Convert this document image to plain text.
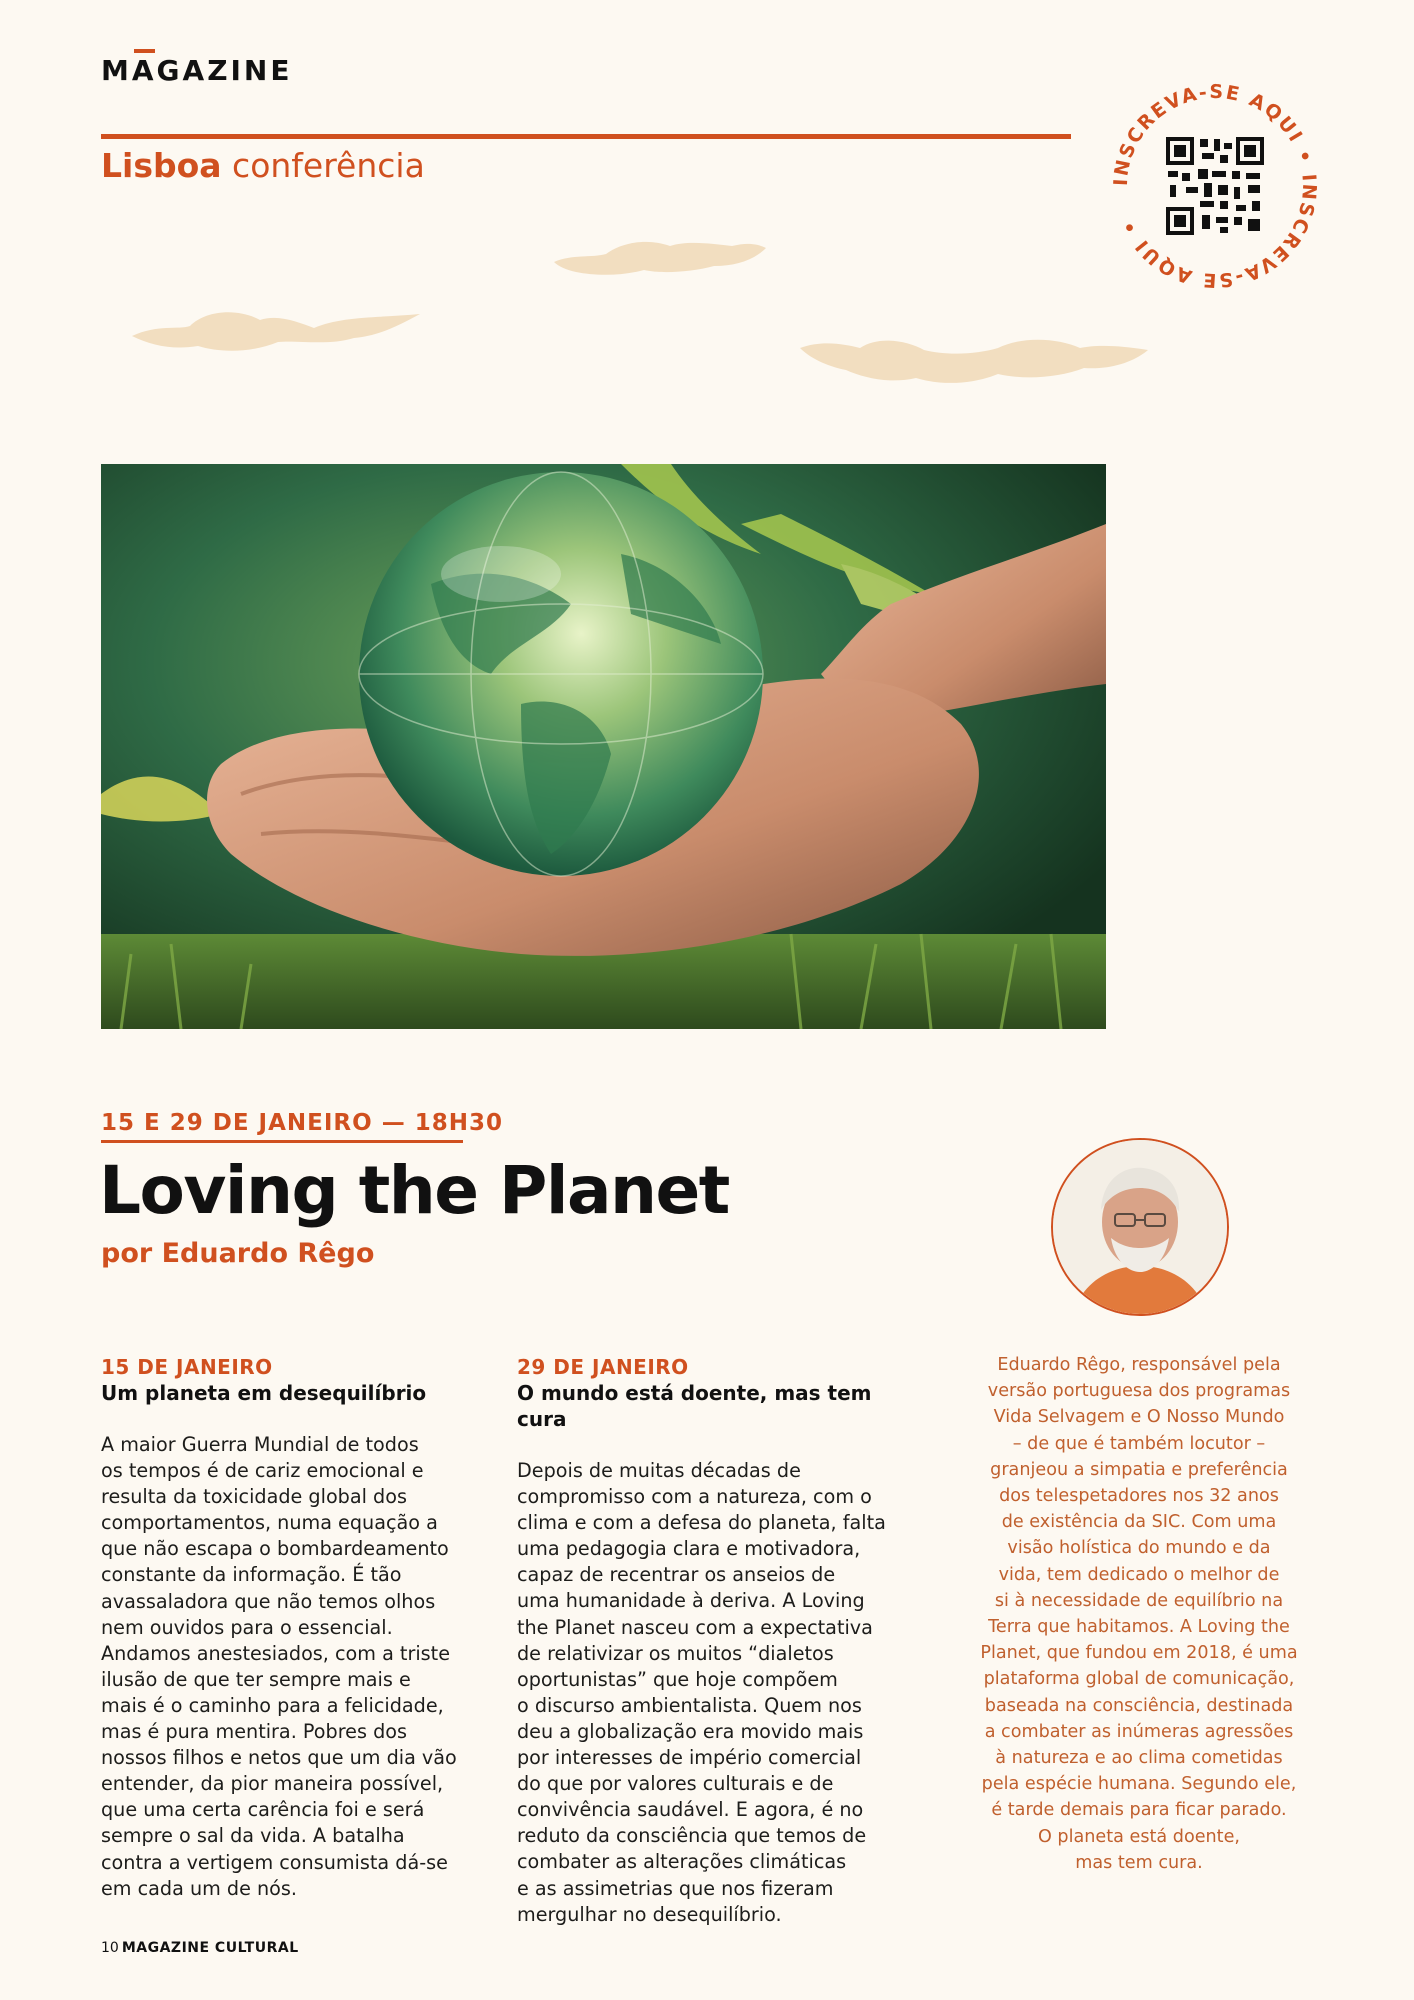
MAGAZINE
Lisboa conferência	INSCREVA-SE AQUI • INSCREVA-SE AQUI •
15 E 29 DE JANEIRO — 18H30
Loving the Planet
por Eduardo Rêgo
15 DE JANEIRO
Um planeta em desequilíbrio
A maior Guerra Mundial de todos
os tempos é de cariz emocional e
resulta da toxicidade global dos
comportamentos, numa equação a
que não escapa o bombardeamento
constante da informação. É tão
avassaladora que não temos olhos
nem ouvidos para o essencial.
Andamos anestesiados, com a triste
ilusão de que ter sempre mais e
mais é o caminho para a felicidade,
mas é pura mentira. Pobres dos
nossos filhos e netos que um dia vão
entender, da pior maneira possível,
que uma certa carência foi e será
sempre o sal da vida. A batalha
contra a vertigem consumista dá-se
em cada um de nós.
29 DE JANEIRO
O mundo está doente, mas tem cura
Depois de muitas décadas de
compromisso com a natureza, com o
clima e com a defesa do planeta, falta
uma pedagogia clara e motivadora,
capaz de recentrar os anseios de
uma humanidade à deriva. A Loving
the Planet nasceu com a expectativa
de relativizar os muitos “dialetos
oportunistas” que hoje compõem
o discurso ambientalista. Quem nos
deu a globalização era movido mais
por interesses de império comercial
do que por valores culturais e de
convivência saudável. E agora, é no
reduto da consciência que temos de
combater as alterações climáticas
e as assimetrias que nos fizeram
mergulhar no desequilíbrio.
Eduardo Rêgo, responsável pela
versão portuguesa dos programas
Vida Selvagem e O Nosso Mundo
– de que é também locutor –
granjeou a simpatia e preferência
dos telespetadores nos 32 anos
de existência da SIC. Com uma
visão holística do mundo e da
vida, tem dedicado o melhor de
si à necessidade de equilíbrio na
Terra que habitamos. A Loving the
Planet, que fundou em 2018, é uma
plataforma global de comunicação,
baseada na consciência, destinada
a combater as inúmeras agressões
à natureza e ao clima cometidas
pela espécie humana. Segundo ele,
é tarde demais para ficar parado.
O planeta está doente,
mas tem cura.
10 MAGAZINE CULTURAL
